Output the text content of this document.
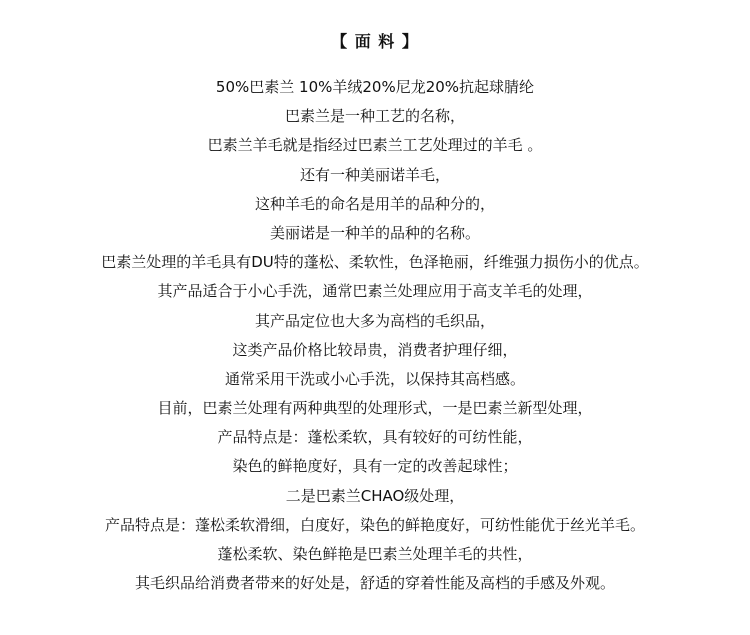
【 面 料 】
50%巴素兰 10%羊绒20%尼龙20%抗起球腈纶
巴素兰是一种工艺的名称，
巴素兰羊毛就是指经过巴素兰工艺处理过的羊毛 。
还有一种美丽诺羊毛，
这种羊毛的命名是用羊的品种分的，
美丽诺是一种羊的品种的名称。
巴素兰处理的羊毛具有DU特的蓬松、柔软性，色泽艳丽，纤维强力损伤小的优点。
其产品适合于小心手洗，通常巴素兰处理应用于高支羊毛的处理，
其产品定位也大多为高档的毛织品，
这类产品价格比较昂贵，消费者护理仔细，
通常采用干洗或小心手洗，以保持其高档感。
目前，巴素兰处理有两种典型的处理形式，一是巴素兰新型处理，
产品特点是：蓬松柔软，具有较好的可纺性能，
染色的鲜艳度好，具有一定的改善起球性；
二是巴素兰CHAO级处理，
产品特点是：蓬松柔软滑细，白度好，染色的鲜艳度好，可纺性能优于丝光羊毛。
蓬松柔软、染色鲜艳是巴素兰处理羊毛的共性，
其毛织品给消费者带来的好处是，舒适的穿着性能及高档的手感及外观。
